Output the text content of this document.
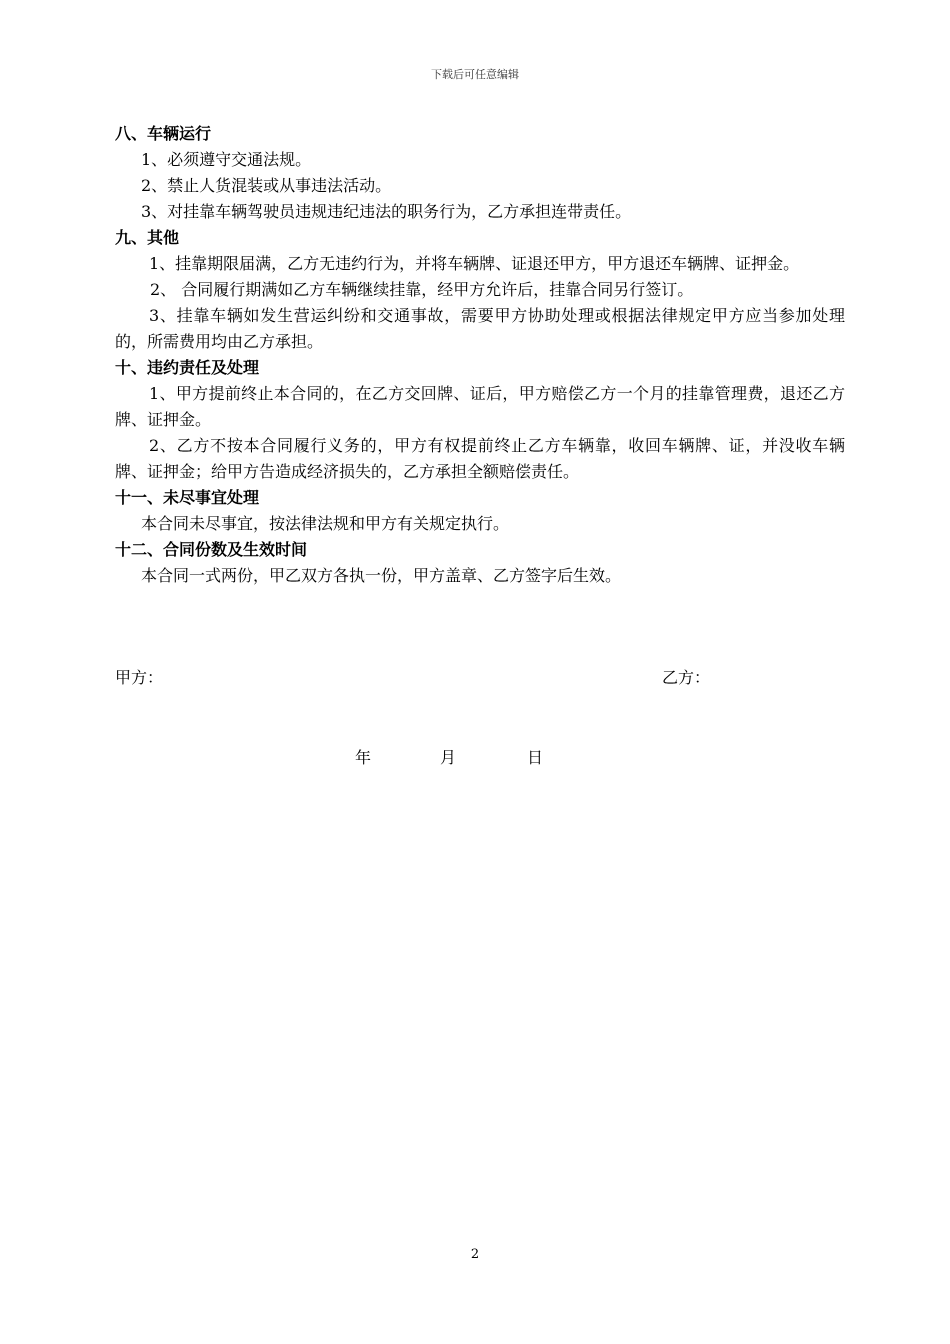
下载后可任意编辑
八、车辆运行
1、必须遵守交通法规。
2、禁止人货混装或从事违法活动。
3、对挂靠车辆驾驶员违规违纪违法的职务行为，乙方承担连带责任。
九、其他
1、挂靠期限届满，乙方无违约行为，并将车辆牌、证退还甲方，甲方退还车辆牌、证押金。
2、 合同履行期满如乙方车辆继续挂靠，经甲方允许后，挂靠合同另行签订。
3、挂靠车辆如发生营运纠纷和交通事故，需要甲方协助处理或根据法律规定甲方应当参加处理的，所需费用均由乙方承担。
十、违约责任及处理
1、甲方提前终止本合同的，在乙方交回牌、证后，甲方赔偿乙方一个月的挂靠管理费，退还乙方牌、证押金。
2、乙方不按本合同履行义务的，甲方有权提前终止乙方车辆靠，收回车辆牌、证，并没收车辆牌、证押金；给甲方告造成经济损失的，乙方承担全额赔偿责任。
十一、未尽事宜处理
本合同未尽事宜，按法律法规和甲方有关规定执行。
十二、合同份数及生效时间
本合同一式两份，甲乙双方各执一份，甲方盖章、乙方签字后生效。
甲方：	乙方：
年	月	日
2
